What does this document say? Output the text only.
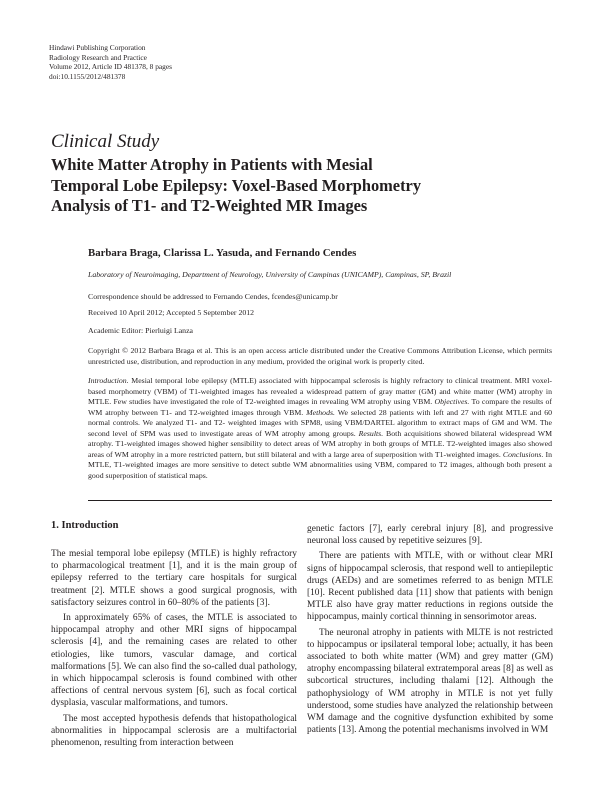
Hindawi Publishing Corporation
Radiology Research and Practice
Volume 2012, Article ID 481378, 8 pages
doi:10.1155/2012/481378
Clinical Study
White Matter Atrophy in Patients with Mesial
Temporal Lobe Epilepsy: Voxel-Based Morphometry
Analysis of T1- and T2-Weighted MR Images
Barbara Braga, Clarissa L. Yasuda, and Fernando Cendes
Laboratory of Neuroimaging, Department of Neurology, University of Campinas (UNICAMP), Campinas, SP, Brazil
Correspondence should be addressed to Fernando Cendes, fcendes@unicamp.br
Received 10 April 2012; Accepted 5 September 2012
Academic Editor: Pierluigi Lanza
Copyright © 2012 Barbara Braga et al. This is an open access article distributed under the Creative Commons Attribution License, which permits unrestricted use, distribution, and reproduction in any medium, provided the original work is properly cited.
Introduction. Mesial temporal lobe epilepsy (MTLE) associated with hippocampal sclerosis is highly refractory to clinical treatment. MRI voxel-based morphometry (VBM) of T1-weighted images has revealed a widespread pattern of gray matter (GM) and white matter (WM) atrophy in MTLE. Few studies have investigated the role of T2-weighted images in revealing WM atrophy using VBM. Objectives. To compare the results of WM atrophy between T1- and T2-weighted images through VBM. Methods. We selected 28 patients with left and 27 with right MTLE and 60 normal controls. We analyzed T1- and T2- weighted images with SPM8, using VBM/DARTEL algorithm to extract maps of GM and WM. The second level of SPM was used to investigate areas of WM atrophy among groups. Results. Both acquisitions showed bilateral widespread WM atrophy. T1-weighted images showed higher sensibility to detect areas of WM atrophy in both groups of MTLE. T2-weighted images also showed areas of WM atrophy in a more restricted pattern, but still bilateral and with a large area of superposition with T1-weighted images. Conclusions. In MTLE, T1-weighted images are more sensitive to detect subtle WM abnormalities using VBM, compared to T2 images, although both present a good superposition of statistical maps.
1. Introduction

The mesial temporal lobe epilepsy (MTLE) is highly refractory to pharmacological treatment [1], and it is the main group of epilepsy referred to the tertiary care hospitals for surgical treatment [2]. MTLE shows a good surgical prognosis, with satisfactory seizures control in 60–80% of the patients [3].

In approximately 65% of cases, the MTLE is associated to hippocampal atrophy and other MRI signs of hippocampal sclerosis [4], and the remaining cases are related to other etiologies, like tumors, vascular damage, and cortical malformations [5]. We can also find the so-called dual pathology, in which hippocampal sclerosis is found combined with other affections of central nervous system [6], such as focal cortical dysplasia, vascular malformations, and tumors.

The most accepted hypothesis defends that histopathological abnormalities in hippocampal sclerosis are a multifactorial phenomenon, resulting from interaction between

genetic factors [7], early cerebral injury [8], and progressive neuronal loss caused by repetitive seizures [9].

There are patients with MTLE, with or without clear MRI signs of hippocampal sclerosis, that respond well to antiepileptic drugs (AEDs) and are sometimes referred to as benign MTLE [10]. Recent published data [11] show that patients with benign MTLE also have gray matter reductions in regions outside the hippocampus, mainly cortical thinning in sensorimotor areas.

The neuronal atrophy in patients with MLTE is not restricted to hippocampus or ipsilateral temporal lobe; actually, it has been associated to both white matter (WM) and grey matter (GM) atrophy encompassing bilateral extratemporal areas [8] as well as subcortical structures, including thalami [12]. Although the pathophysiology of WM atrophy in MTLE is not yet fully understood, some studies have analyzed the relationship between WM damage and the cognitive dysfunction exhibited by some patients [13]. Among the potential mechanisms involved in WM
